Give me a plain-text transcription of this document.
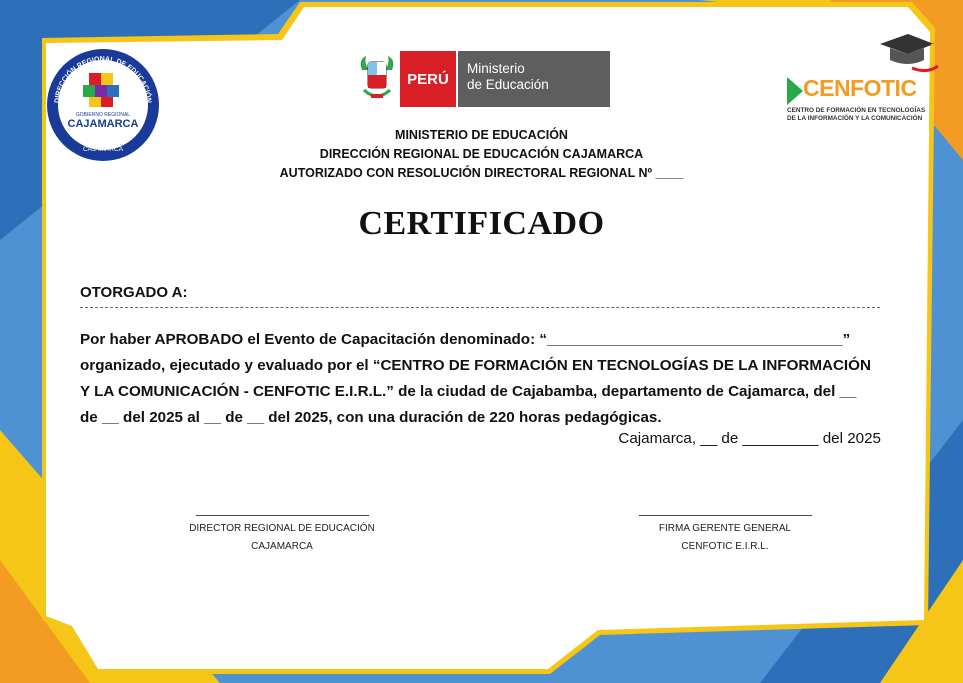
DIRECCIÓN REGIONAL DE EDUCACIÓN
GOBIERNO REGIONAL
CAJAMARCA
CAJAMARCA
PERÚ
Ministerio
de Educación	CENFOTIC
CENTRO DE FORMACIÓN EN TECNOLOGÍAS
DE LA INFORMACIÓN Y LA COMUNICACIÓN
MINISTERIO DE EDUCACIÓN
DIRECCIÓN REGIONAL DE EDUCACIÓN CAJAMARCA
AUTORIZADO CON RESOLUCIÓN DIRECTORAL REGIONAL Nº ____
CERTIFICADO
OTORGADO A:
Por haber APROBADO el Evento de Capacitación denominado: “___________________________________”
organizado, ejecutado y evaluado por el “CENTRO DE FORMACIÓN EN TECNOLOGÍAS DE LA INFORMACIÓN
Y LA COMUNICACIÓN - CENFOTIC E.I.R.L.” de la ciudad de Cajabamba, departamento de Cajamarca, del __
de __ del 2025 al __ de __ del 2025, con una duración de 220 horas pedagógicas.
Cajamarca, __ de _________ del 2025
DIRECTOR REGIONAL DE EDUCACIÓN
CAJAMARCA
FIRMA GERENTE GENERAL
CENFOTIC E.I.R.L.
